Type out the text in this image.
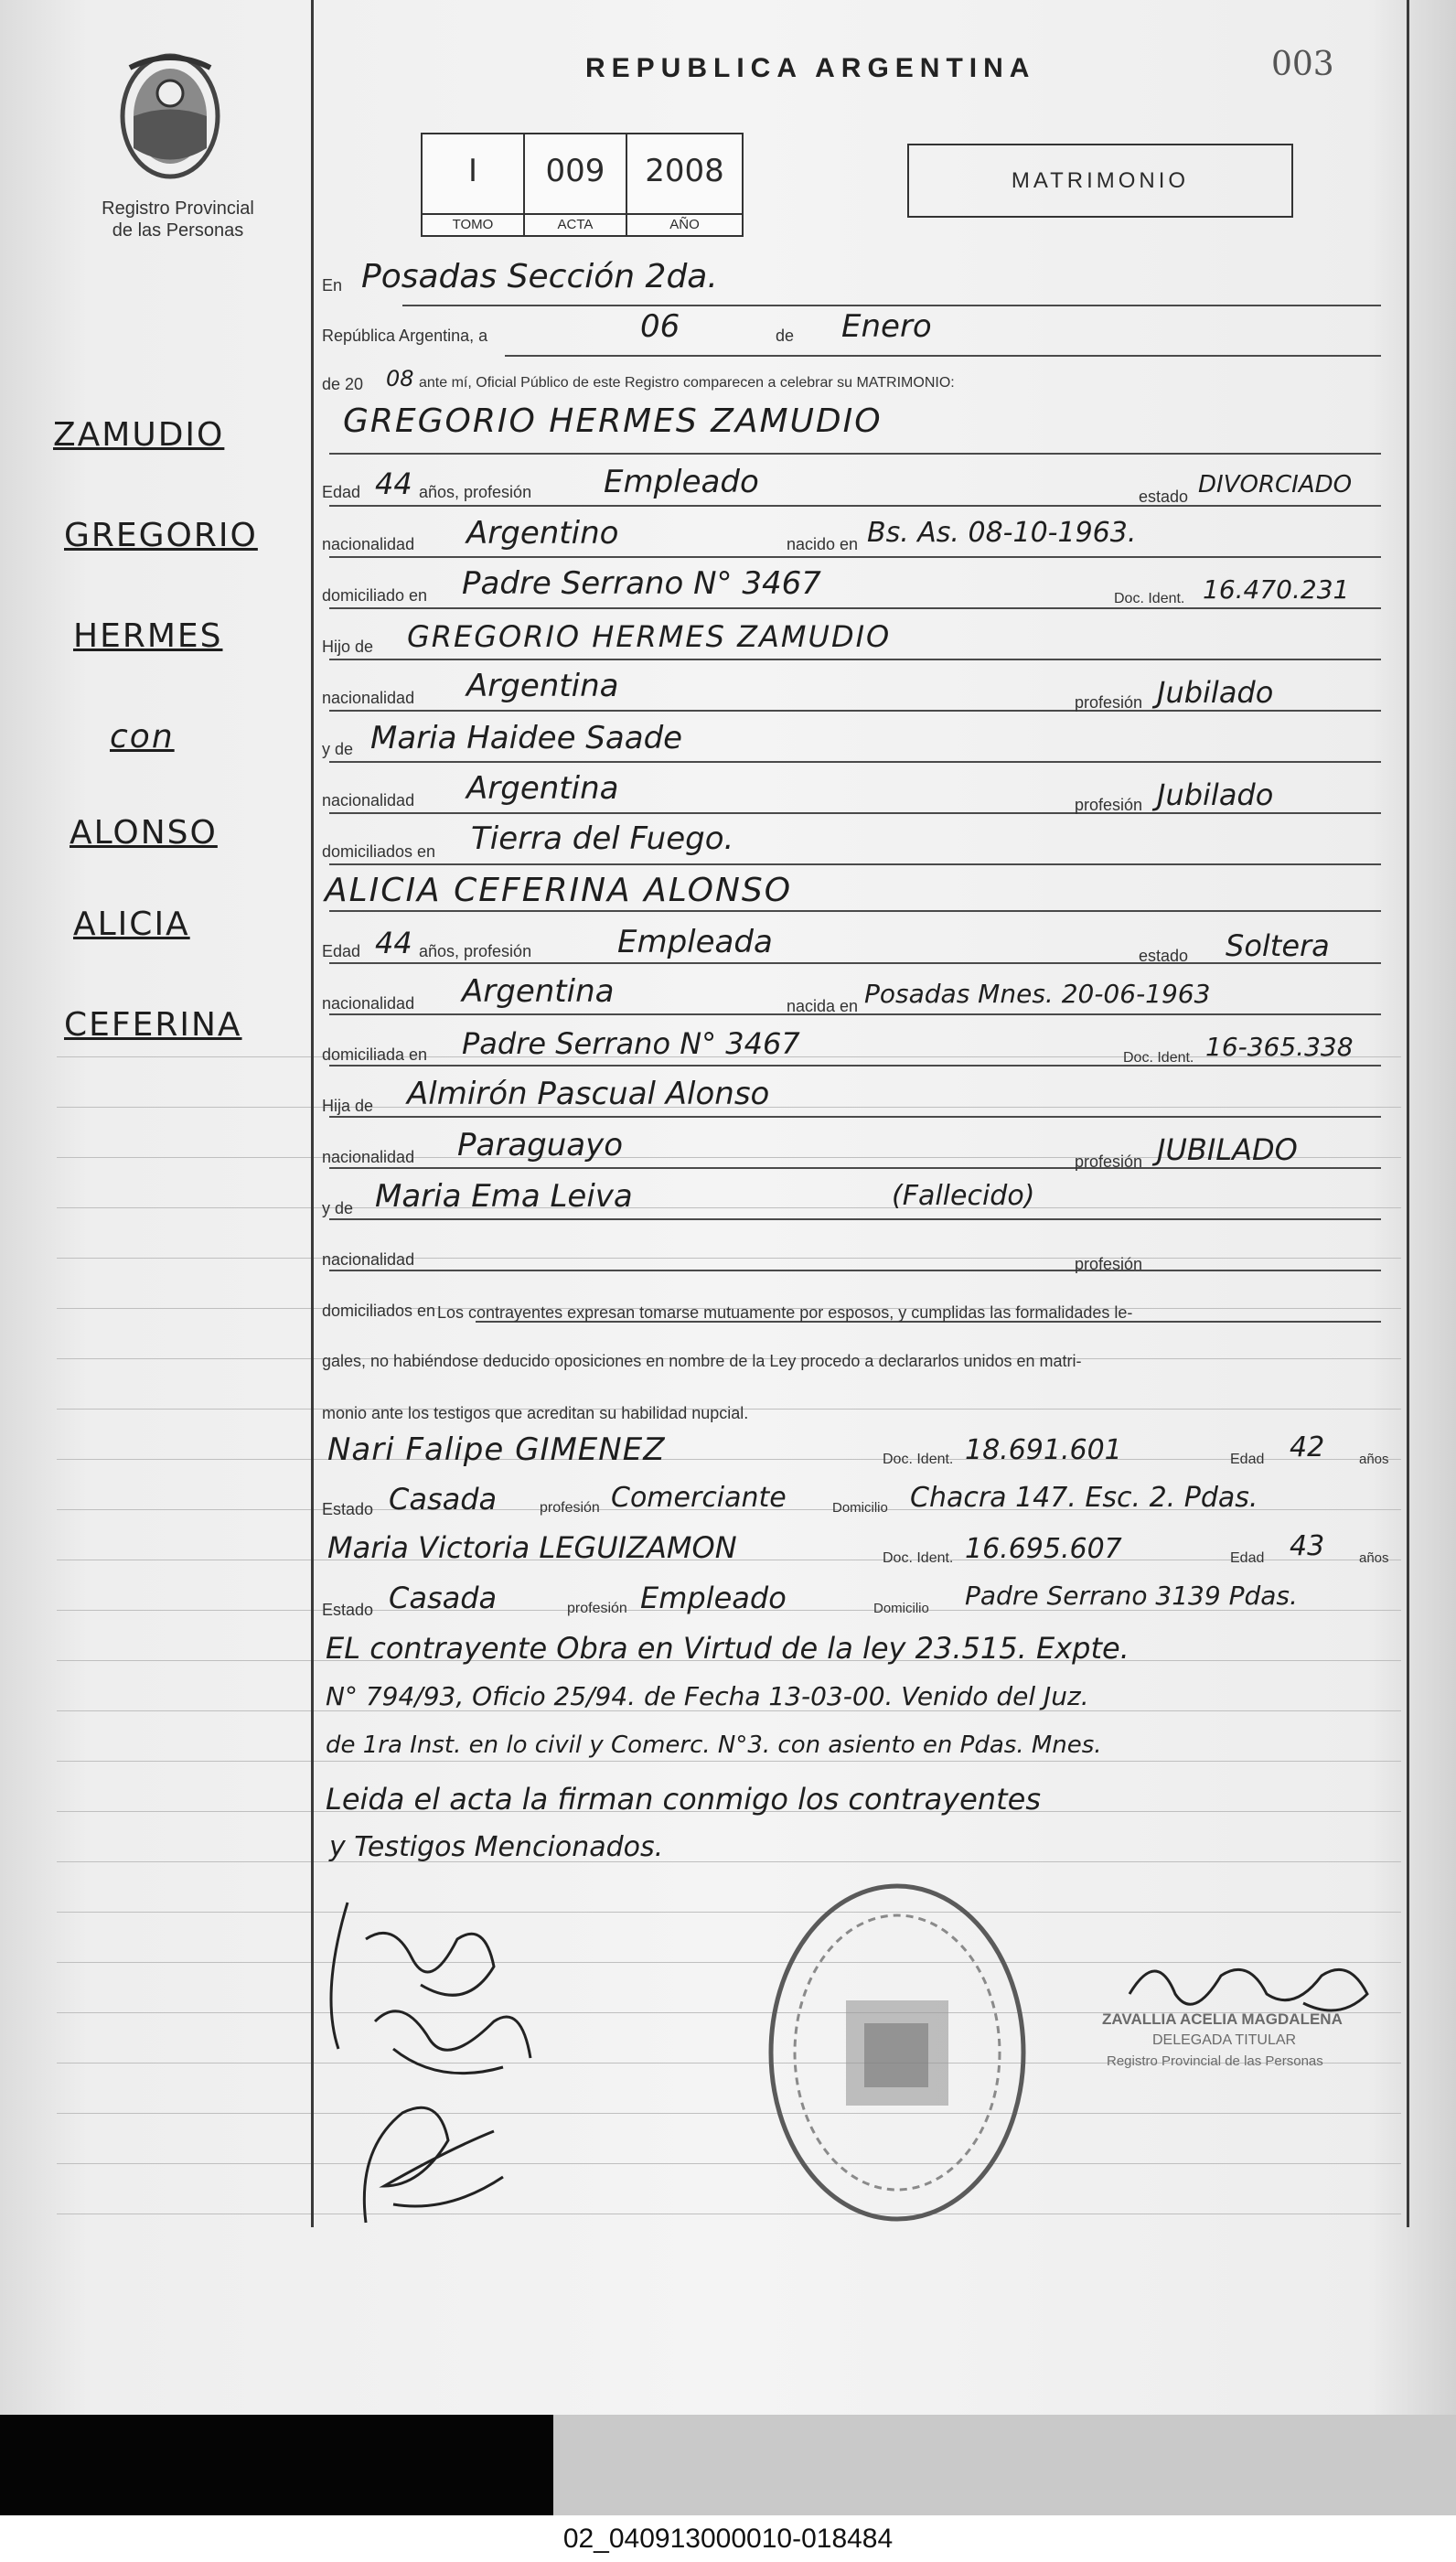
Registro Provincial
de las Personas
REPUBLICA ARGENTINA	003
I
TOMO
009
ACTA
2008
AÑO
MATRIMONIO
ZAMUDIO
GREGORIO
HERMES
con
ALONSO
ALICIA
CEFERINA
En Posadas Sección 2da.
República Argentina, a	06	de Enero
de 20 08 ante mí, Oficial Público de este Registro comparecen a celebrar su MATRIMONIO:
GREGORIO HERMES ZAMUDIO
Edad 44 años, profesión Empleado	estado DIVORCIADO
nacionalidad Argentino	nacido en Bs. As. 08-10-1963.
domiciliado en Padre Serrano N° 3467	Doc. Ident. 16.470.231
Hijo de GREGORIO HERMES ZAMUDIO
nacionalidad Argentina	profesión Jubilado
y de Maria Haidee Saade
nacionalidad Argentina	profesión Jubilado
domiciliados en Tierra del Fuego.
ALICIA CEFERINA ALONSO
Edad 44 años, profesión	Empleada	estado Soltera
nacionalidad Argentina	nacida en Posadas Mnes. 20-06-1963
domiciliada en Padre Serrano N° 3467	Doc. Ident. 16-365.338
Hija de Almirón Pascual Alonso
nacionalidad Paraguayo	profesión JUBILADO
y de Maria Ema Leiva	(Fallecido)
nacionalidad	profesión
domiciliados en Los contrayentes expresan tomarse mutuamente por esposos, y cumplidas las formalidades le-
gales, no habiéndose deducido oposiciones en nombre de la Ley procedo a declararlos unidos en matri-
monio ante los testigos que acreditan su habilidad nupcial.
Nari Falipe GIMENEZ	Doc. Ident. 18.691.601	Edad 42	años
Estado Casada	profesión Comerciante	Domicilio Chacra 147. Esc. 2. Pdas.
Maria Victoria LEGUIZAMON	Doc. Ident. 16.695.607	Edad 43	años
Estado Casada	profesión Empleado	Domicilio Padre Serrano 3139 Pdas.
EL contrayente Obra en Virtud de la ley 23.515. Expte.
N° 794/93, Oficio 25/94. de Fecha 13-03-00. Venido del Juz.
de 1ra Inst. en lo civil y Comerc. N°3. con asiento en Pdas. Mnes.
Leida el acta la firman conmigo los contrayentes
y Testigos Mencionados.
ZAVALLIA ACELIA MAGDALENA
DELEGADA TITULAR
Registro Provincial de las Personas
02_040913000010-018484
